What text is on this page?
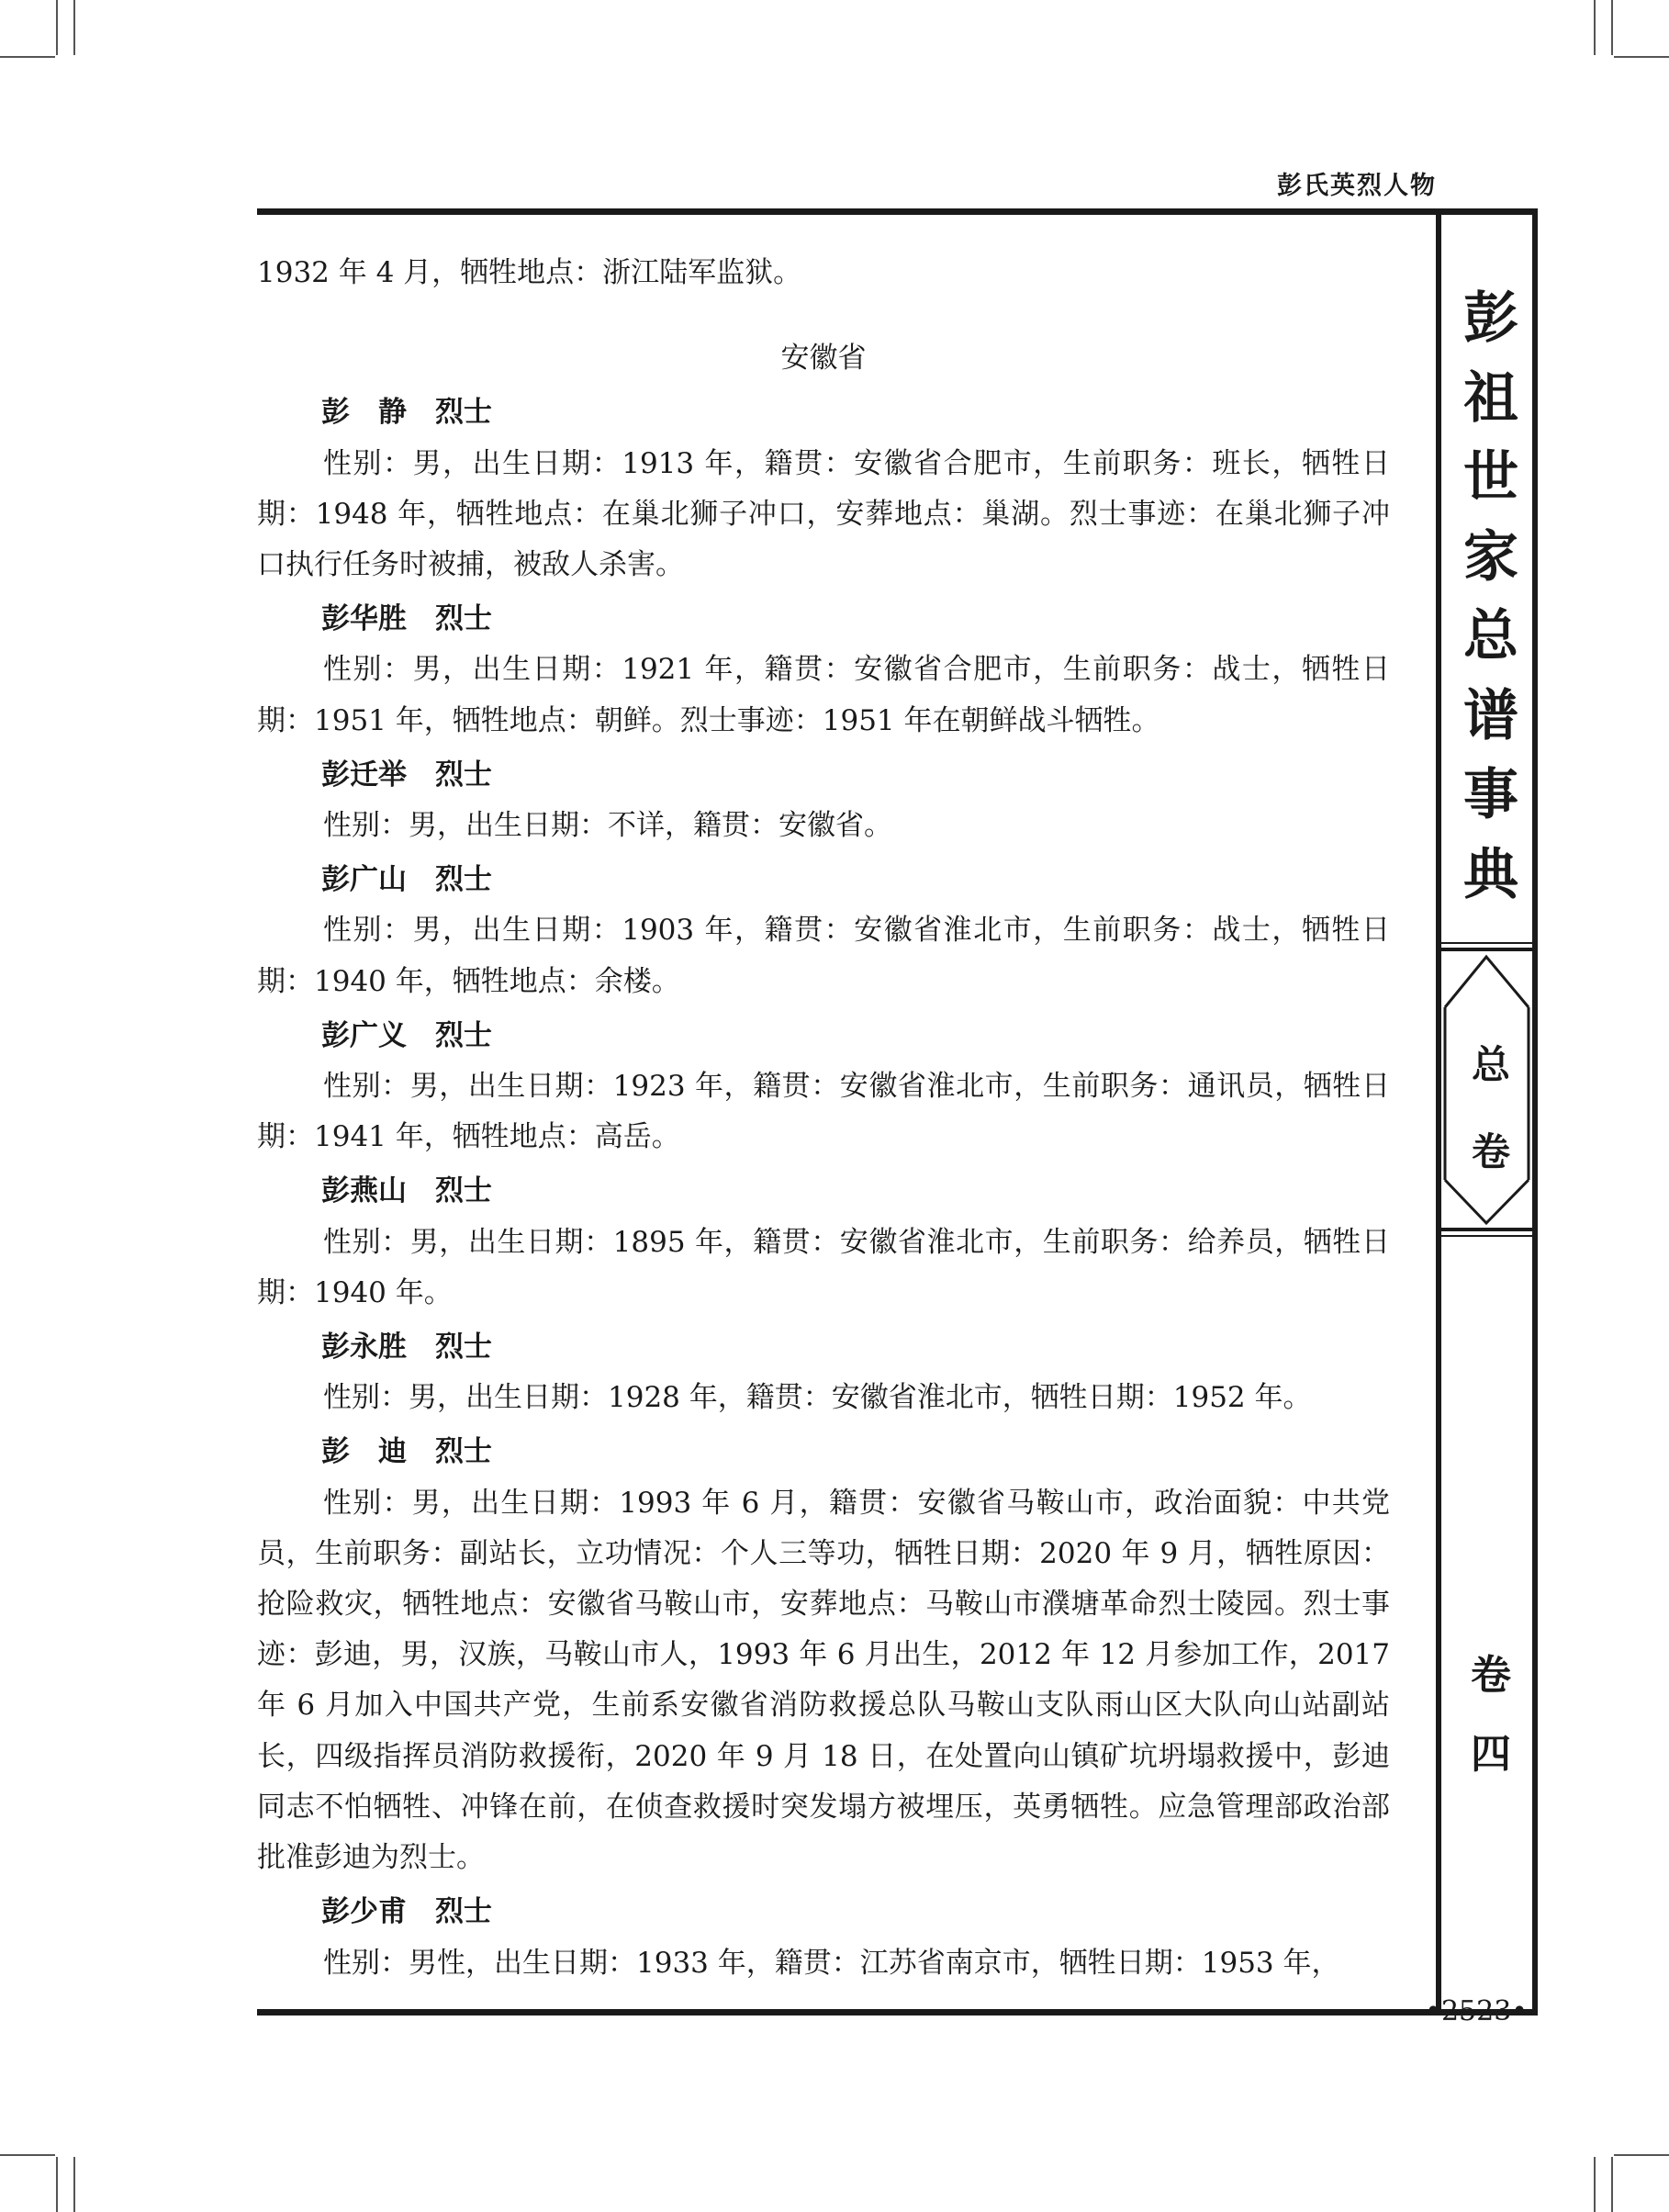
彭氏英烈人物
彭
祖
世
家
总
谱
事
典
总
卷
卷
四

1932 年 4 月，牺牲地点：浙江陆军监狱。

安徽省

彭　静　烈士

性别：男，出生日期：1913 年，籍贯：安徽省合肥市，生前职务：班长，牺牲日期：1948 年，牺牲地点：在巢北狮子冲口，安葬地点：巢湖。烈士事迹：在巢北狮子冲口执行任务时被捕，被敌人杀害。

彭华胜　烈士

性别：男，出生日期：1921 年，籍贯：安徽省合肥市，生前职务：战士，牺牲日期：1951 年，牺牲地点：朝鲜。烈士事迹：1951 年在朝鲜战斗牺牲。

彭迁举　烈士

性别：男，出生日期：不详，籍贯：安徽省。

彭广山　烈士

性别：男，出生日期：1903 年，籍贯：安徽省淮北市，生前职务：战士，牺牲日期：1940 年，牺牲地点：余楼。

彭广义　烈士

性别：男，出生日期：1923 年，籍贯：安徽省淮北市，生前职务：通讯员，牺牲日期：1941 年，牺牲地点：高岳。

彭燕山　烈士

性别：男，出生日期：1895 年，籍贯：安徽省淮北市，生前职务：给养员，牺牲日期：1940 年。

彭永胜　烈士

性别：男，出生日期：1928 年，籍贯：安徽省淮北市，牺牲日期：1952 年。

彭　迪　烈士

性别：男，出生日期：1993 年 6 月，籍贯：安徽省马鞍山市，政治面貌：中共党员，生前职务：副站长，立功情况：个人三等功，牺牲日期：2020 年 9 月，牺牲原因：抢险救灾，牺牲地点：安徽省马鞍山市，安葬地点：马鞍山市濮塘革命烈士陵园。烈士事迹：彭迪，男，汉族，马鞍山市人，1993 年 6 月出生，2012 年 12 月参加工作，2017 年 6 月加入中国共产党，生前系安徽省消防救援总队马鞍山支队雨山区大队向山站副站长，四级指挥员消防救援衔，2020 年 9 月 18 日，在处置向山镇矿坑坍塌救援中，彭迪同志不怕牺牲、冲锋在前，在侦查救援时突发塌方被埋压，英勇牺牲。应急管理部政治部批准彭迪为烈士。

彭少甫　烈士

性别：男性，出生日期：1933 年，籍贯：江苏省南京市，牺牲日期：1953 年，

•2523•
